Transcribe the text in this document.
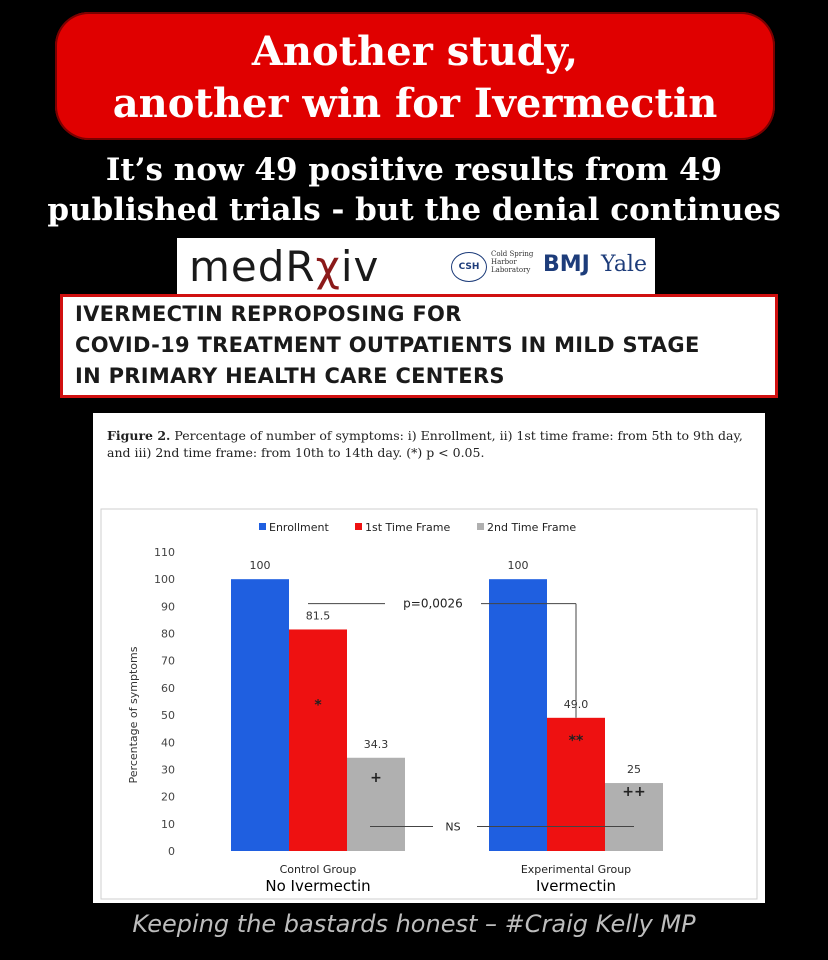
Another study,
another win for Ivermectin
It’s now 49 positive results from 49
published trials - but the denial continues
medRχiv	CSH
Cold Spring Harbor Laboratory BMJ Yale
IVERMECTIN REPROPOSING FOR
COVID-19 TREATMENT OUTPATIENTS IN MILD STAGE
IN PRIMARY HEALTH CARE CENTERS
Figure 2. Percentage of number of symptoms: i) Enrollment, ii) 1st time frame: from 5th to 9th day, and iii) 2nd time frame: from 10th to 14th day. (*) p < 0.05.
Enrollment	1st Time Frame	2nd Time Frame
0
10
20
30
40
50
60
70
80
90
100
110
Percentage of symptoms
100
81.5
34.3
100
49.0
25
*
+
**
++
p=0,0026
NS
Control Group
No Ivermectin
Experimental Group
Ivermectin
Keeping the bastards honest – #Craig Kelly MP
